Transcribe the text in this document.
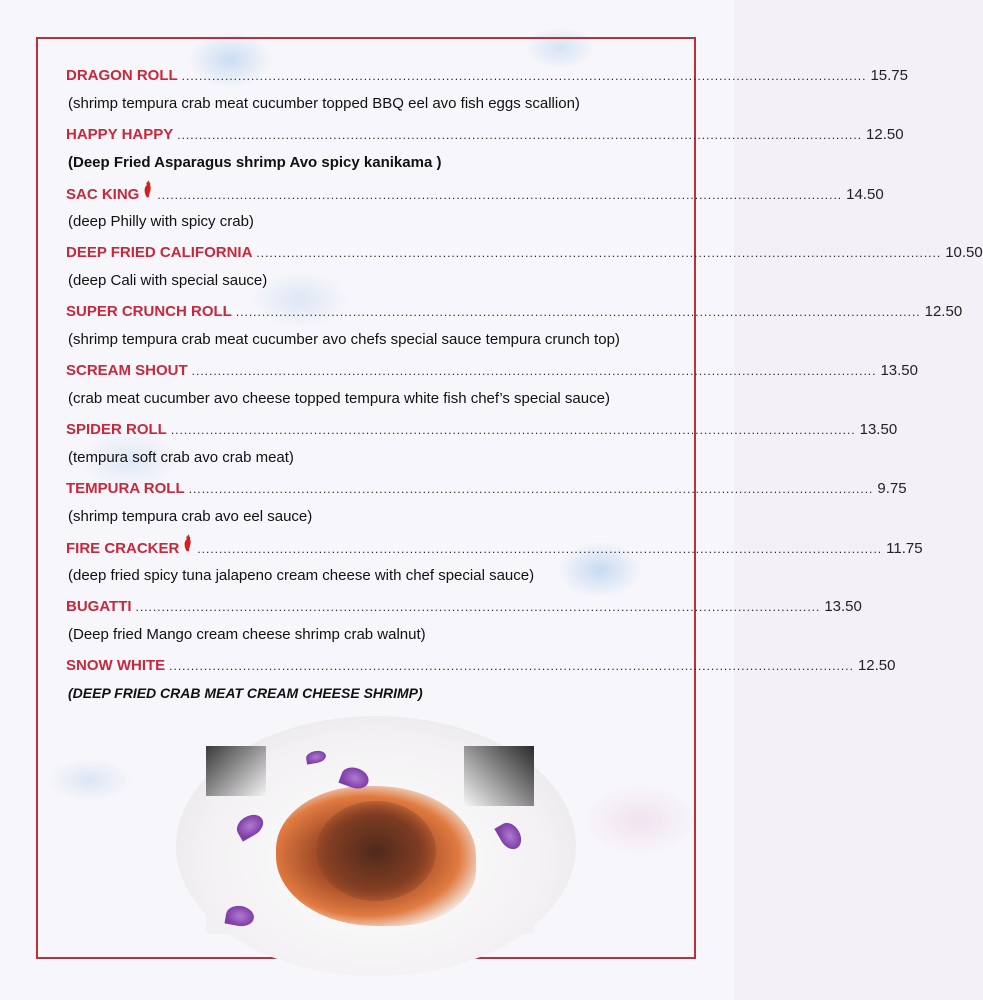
DRAGON ROLL .............................................................................................................................................................. 15.75
(shrimp tempura crab meat cucumber topped BBQ eel avo fish eggs scallion)
HAPPY HAPPY .............................................................................................................................................................. 12.50
(Deep Fried Asparagus shrimp Avo spicy kanikama )
SAC KING .............................................................................................................................................................. 14.50
(deep Philly with spicy crab)
DEEP FRIED CALIFORNIA .............................................................................................................................................................. 10.50
(deep Cali with special sauce)
SUPER CRUNCH ROLL .............................................................................................................................................................. 12.50
(shrimp tempura crab meat cucumber avo chefs special sauce tempura crunch top)
SCREAM SHOUT .............................................................................................................................................................. 13.50
(crab meat cucumber avo cheese topped tempura white fish chef’s special sauce)
SPIDER ROLL .............................................................................................................................................................. 13.50
(tempura soft crab avo crab meat)
TEMPURA ROLL .............................................................................................................................................................. 9.75
(shrimp tempura crab avo eel sauce)
FIRE CRACKER .............................................................................................................................................................. 11.75
(deep fried spicy tuna jalapeno cream cheese with chef special sauce)
BUGATTI .............................................................................................................................................................. 13.50
(Deep fried Mango cream cheese shrimp crab walnut)
SNOW WHITE .............................................................................................................................................................. 12.50
(DEEP FRIED CRAB MEAT CREAM CHEESE SHRIMP)
